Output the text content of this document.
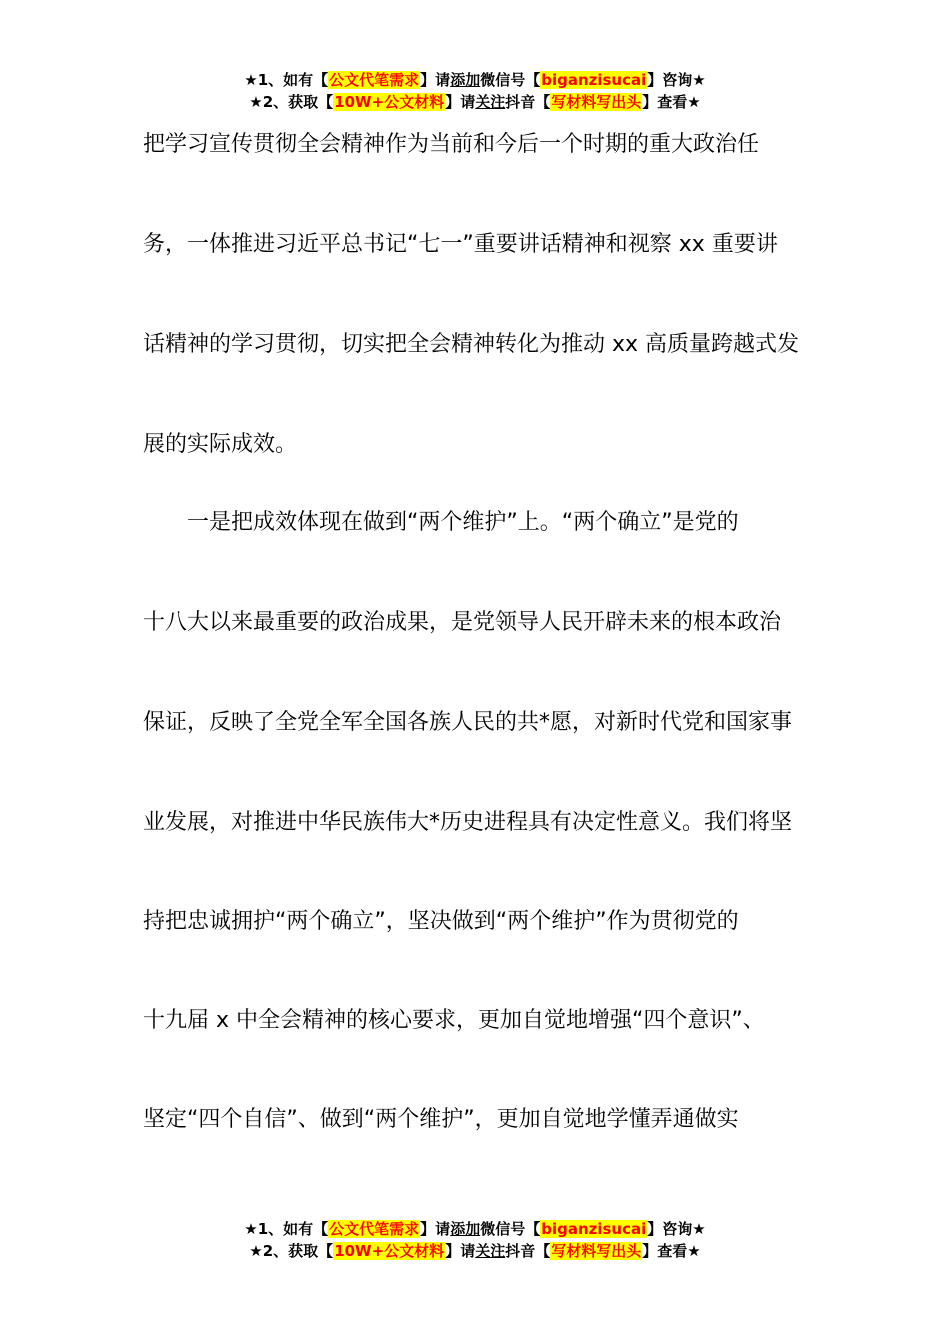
★1、如有【公文代笔需求】请添加微信号【biganzisucai】咨询★
★2、获取【10W+公文材料】请关注抖音【写材料写出头】查看★
把学习宣传贯彻全会精神作为当前和今后一个时期的重大政治任
务，一体推进习近平总书记“七一”重要讲话精神和视察 xx 重要讲
话精神的学习贯彻，切实把全会精神转化为推动 xx 高质量跨越式发
展的实际成效。
　　一是把成效体现在做到“两个维护”上。“两个确立”是党的
十八大以来最重要的政治成果，是党领导人民开辟未来的根本政治
保证，反映了全党全军全国各族人民的共*愿，对新时代党和国家事
业发展，对推进中华民族伟大*历史进程具有决定性意义。我们将坚
持把忠诚拥护“两个确立”，坚决做到“两个维护”作为贯彻党的
十九届 x 中全会精神的核心要求，更加自觉地增强“四个意识”、
坚定“四个自信”、做到“两个维护”，更加自觉地学懂弄通做实
★1、如有【公文代笔需求】请添加微信号【biganzisucai】咨询★
★2、获取【10W+公文材料】请关注抖音【写材料写出头】查看★
